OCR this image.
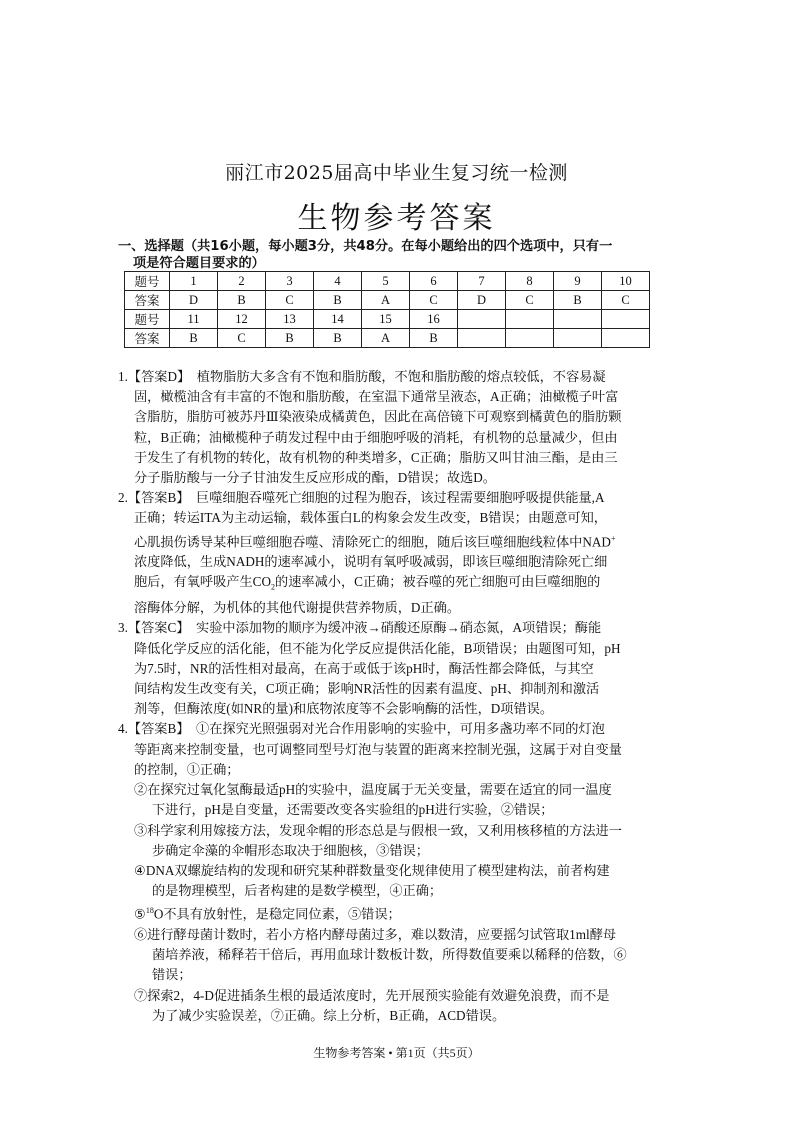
丽江市2025届高中毕业生复习统一检测
生物参考答案
一、选择题（共16小题，每小题3分，共48分。在每小题给出的四个选项中，只有一
项是符合题目要求的）
题号	1	2	3	4	5	6	7	8	9	10
答案	D	B	C	B	A	C	D	C	B	C
题号	11	12	13	14	15	16				
答案	B	C	B	B	A	B				
1.【答案D】　植物脂肪大多含有不饱和脂肪酸，不饱和脂肪酸的熔点较低，不容易凝
固，橄榄油含有丰富的不饱和脂肪酸，在室温下通常呈液态，A正确；油橄榄子叶富
含脂肪，脂肪可被苏丹Ⅲ染液染成橘黄色，因此在高倍镜下可观察到橘黄色的脂肪颗
粒，B正确；油橄榄种子萌发过程中由于细胞呼吸的消耗，有机物的总量减少，但由
于发生了有机物的转化，故有机物的种类增多，C正确；脂肪又叫甘油三酯，是由三
分子脂肪酸与一分子甘油发生反应形成的酯，D错误；故选D。
2.【答案B】　巨噬细胞吞噬死亡细胞的过程为胞吞，该过程需要细胞呼吸提供能量,A
正确；转运ITA为主动运输，载体蛋白L的构象会发生改变，B错误；由题意可知，
心肌损伤诱导某种巨噬细胞吞噬、清除死亡的细胞，随后该巨噬细胞线粒体中NAD+
浓度降低，生成NADH的速率减小，说明有氧呼吸减弱，即该巨噬细胞清除死亡细
胞后，有氧呼吸产生$CO_2$的速率减小，C正确；被吞噬的死亡细胞可由巨噬细胞的
溶酶体分解，为机体的其他代谢提供营养物质，D正确。
3.【答案C】　实验中添加物的顺序为缓冲液→硝酸还原酶→硝态氮，A项错误；酶能
降低化学反应的活化能，但不能为化学反应提供活化能，B项错误；由题图可知，pH
为7.5时，NR的活性相对最高，在高于或低于该pH时，酶活性都会降低，与其空
间结构发生改变有关，C项正确；影响NR活性的因素有温度、pH、抑制剂和激活
剂等，但酶浓度(如NR的量)和底物浓度等不会影响酶的活性，D项错误。
4.【答案B】　①在探究光照强弱对光合作用影响的实验中，可用多盏功率不同的灯泡
等距离来控制变量，也可调整同型号灯泡与装置的距离来控制光强，这属于对自变量
的控制，①正确；
②在探究过氧化氢酶最适pH的实验中，温度属于无关变量，需要在适宜的同一温度
下进行，pH是自变量，还需要改变各实验组的pH进行实验，②错误；
③科学家利用嫁接方法，发现伞帽的形态总是与假根一致，又利用核移植的方法进一
步确定伞藻的伞帽形态取决于细胞核，③错误；
④DNA双螺旋结构的发现和研究某种群数量变化规律使用了模型建构法，前者构建
的是物理模型，后者构建的是数学模型，④正确；
⑤$^{18}$O不具有放射性，是稳定同位素，⑤错误；
⑥进行酵母菌计数时，若小方格内酵母菌过多，难以数清，应要摇匀试管取1ml酵母
菌培养液，稀释若干倍后，再用血球计数板计数，所得数值要乘以稀释的倍数，⑥
错误；
⑦探索2，4-D促进插条生根的最适浓度时，先开展预实验能有效避免浪费，而不是
为了减少实验误差，⑦正确。综上分析，B正确，ACD错误。
生物参考答案 • 第1页（共5页）
